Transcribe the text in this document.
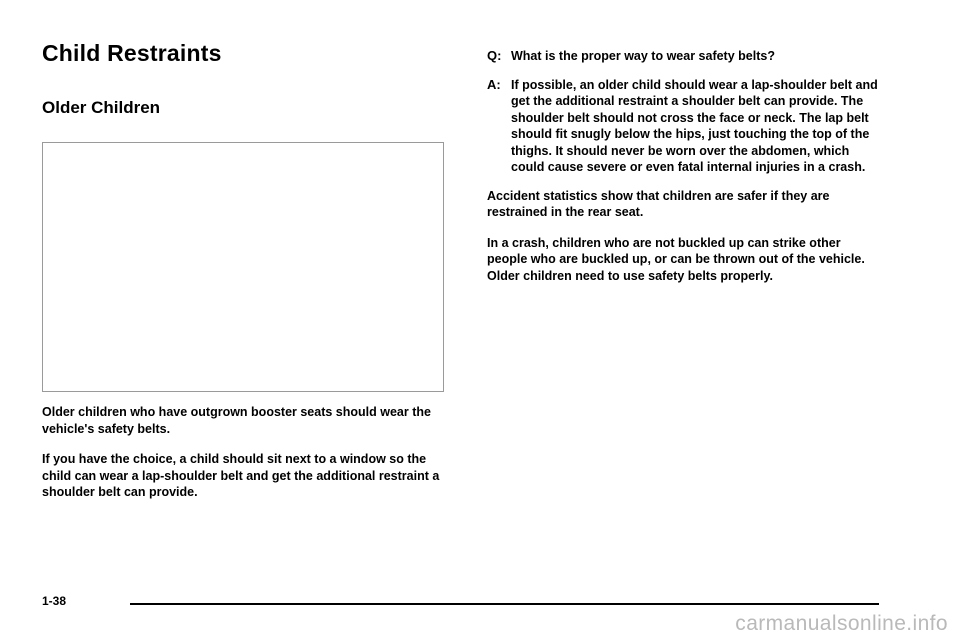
Child Restraints
Older Children

Older children who have outgrown booster seats should wear the vehicle's safety belts.

If you have the choice, a child should sit next to a window so the child can wear a lap-shoulder belt and get the additional restraint a shoulder belt can provide.

Q: What is the proper way to wear safety belts?
A: If possible, an older child should wear a lap-shoulder belt and get the additional restraint a shoulder belt can provide. The shoulder belt should not cross the face or neck. The lap belt should fit snugly below the hips, just touching the top of the thighs. It should never be worn over the abdomen, which could cause severe or even fatal internal injuries in a crash.

Accident statistics show that children are safer if they are restrained in the rear seat.

In a crash, children who are not buckled up can strike other people who are buckled up, or can be thrown out of the vehicle. Older children need to use safety belts properly.

1-38
carmanualsonline.info
